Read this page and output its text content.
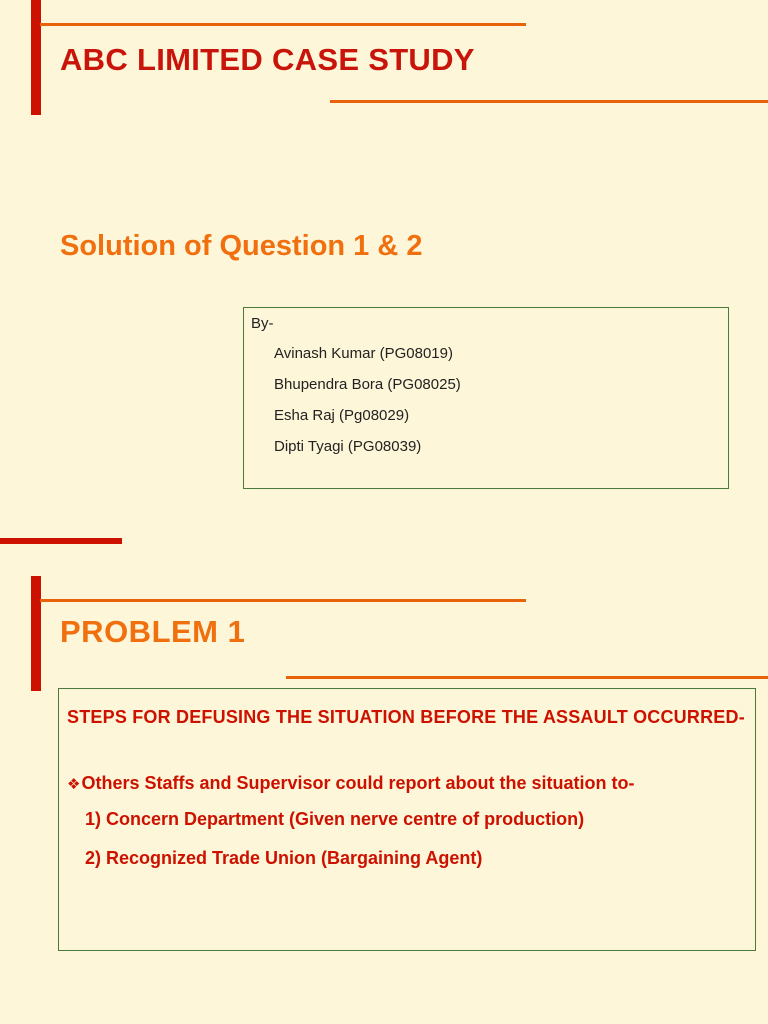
ABC LIMITED CASE STUDY
Solution of Question 1 & 2
By-
Avinash Kumar (PG08019)
Bhupendra Bora (PG08025)
Esha Raj (Pg08029)
Dipti Tyagi (PG08039)
PROBLEM 1

STEPS FOR DEFUSING THE SITUATION BEFORE THE ASSAULT OCCURRED-

❖Others Staffs and Supervisor could report about the situation to-
1) Concern Department (Given nerve centre of production)
2) Recognized Trade Union (Bargaining Agent)
